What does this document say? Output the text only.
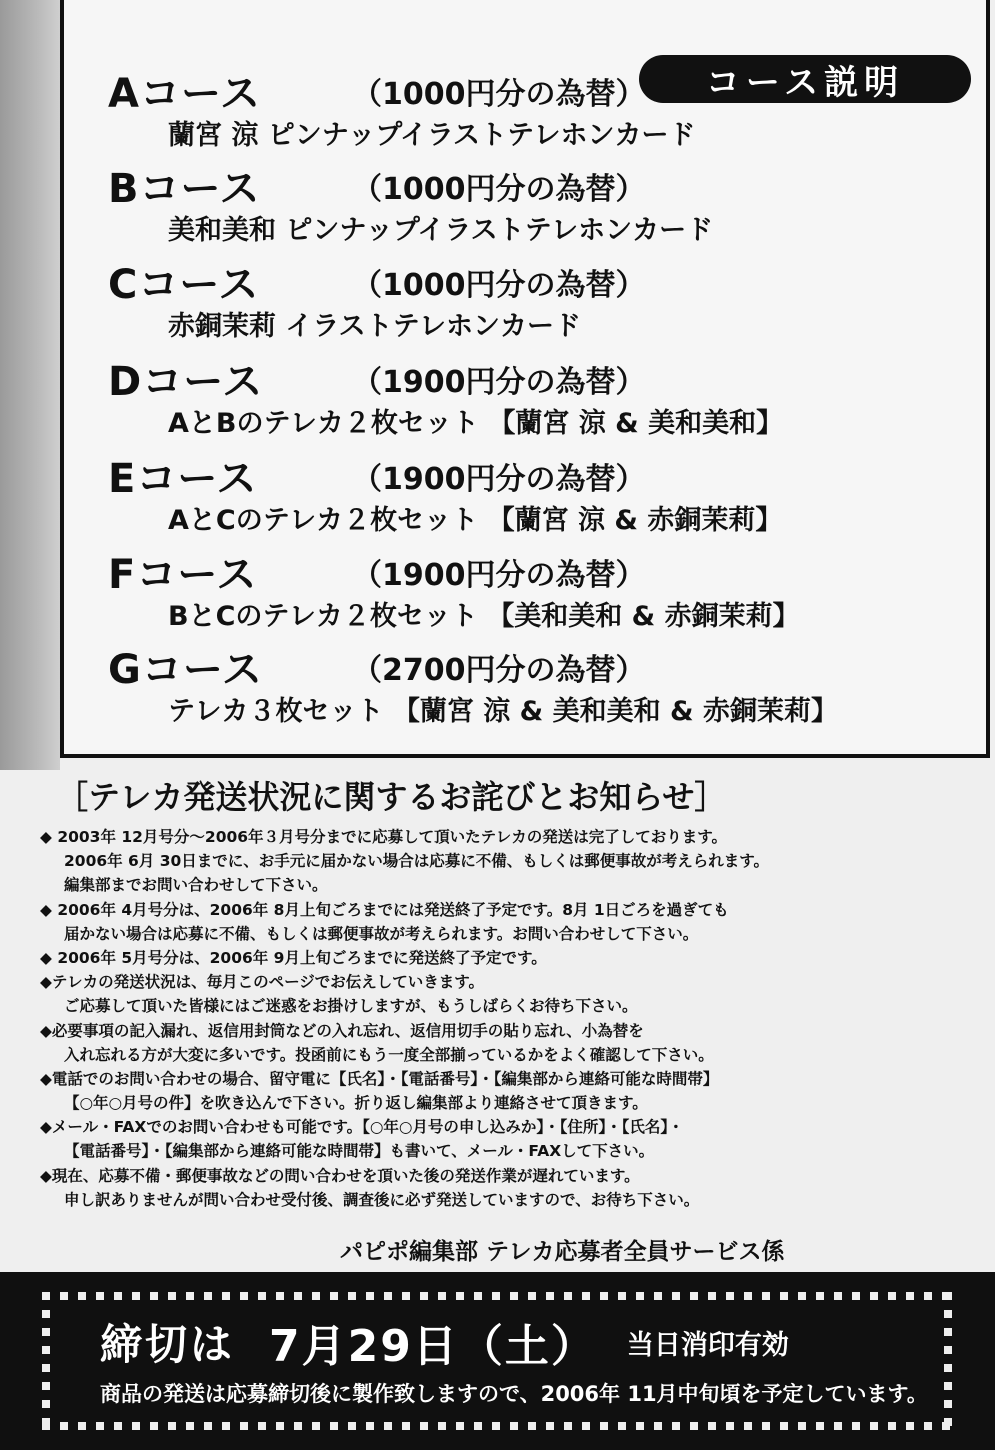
コース説明
Aコース	（1000円分の為替）
蘭宮 涼 ピンナップイラストテレホンカード
Bコース	（1000円分の為替）
美和美和 ピンナップイラストテレホンカード
Cコース	（1000円分の為替）
赤銅茉莉 イラストテレホンカード
Dコース	（1900円分の為替）
AとBのテレカ２枚セット 【蘭宮 涼 & 美和美和】
Eコース	（1900円分の為替）
AとCのテレカ２枚セット 【蘭宮 涼 & 赤銅茉莉】
Fコース	（1900円分の為替）
BとCのテレカ２枚セット 【美和美和 & 赤銅茉莉】
Gコース	（2700円分の為替）
テレカ３枚セット 【蘭宮 涼 & 美和美和 & 赤銅茉莉】
［テレカ発送状況に関するお詫びとお知らせ］
◆ 2003年 12月号分〜2006年３月号分までに応募して頂いたテレカの発送は完了しております。
2006年 6月 30日までに、お手元に届かない場合は応募に不備、もしくは郵便事故が考えられます。
編集部までお問い合わせして下さい。
◆ 2006年 4月号分は、2006年 8月上旬ごろまでには発送終了予定です。8月 1日ごろを過ぎても
届かない場合は応募に不備、もしくは郵便事故が考えられます。お問い合わせして下さい。
◆ 2006年 5月号分は、2006年 9月上旬ごろまでに発送終了予定です。
◆テレカの発送状況は、毎月このページでお伝えしていきます。
ご応募して頂いた皆様にはご迷惑をお掛けしますが、もうしばらくお待ち下さい。
◆必要事項の記入漏れ、返信用封筒などの入れ忘れ、返信用切手の貼り忘れ、小為替を
入れ忘れる方が大変に多いです。投函前にもう一度全部揃っているかをよく確認して下さい。
◆電話でのお問い合わせの場合、留守電に【氏名】・【電話番号】・【編集部から連絡可能な時間帯】
【○年○月号の件】を吹き込んで下さい。折り返し編集部より連絡させて頂きます。
◆メール・FAXでのお問い合わせも可能です。【○年○月号の申し込みか】・【住所】・【氏名】・
【電話番号】・【編集部から連絡可能な時間帯】も書いて、メール・FAXして下さい。
◆現在、応募不備・郵便事故などの問い合わせを頂いた後の発送作業が遅れています。
申し訳ありませんが問い合わせ受付後、調査後に必ず発送していますので、お待ち下さい。
パピポ編集部 テレカ応募者全員サービス係
締切は 7月29日（土） 当日消印有効
商品の発送は応募締切後に製作致しますので、2006年 11月中旬頃を予定しています。
